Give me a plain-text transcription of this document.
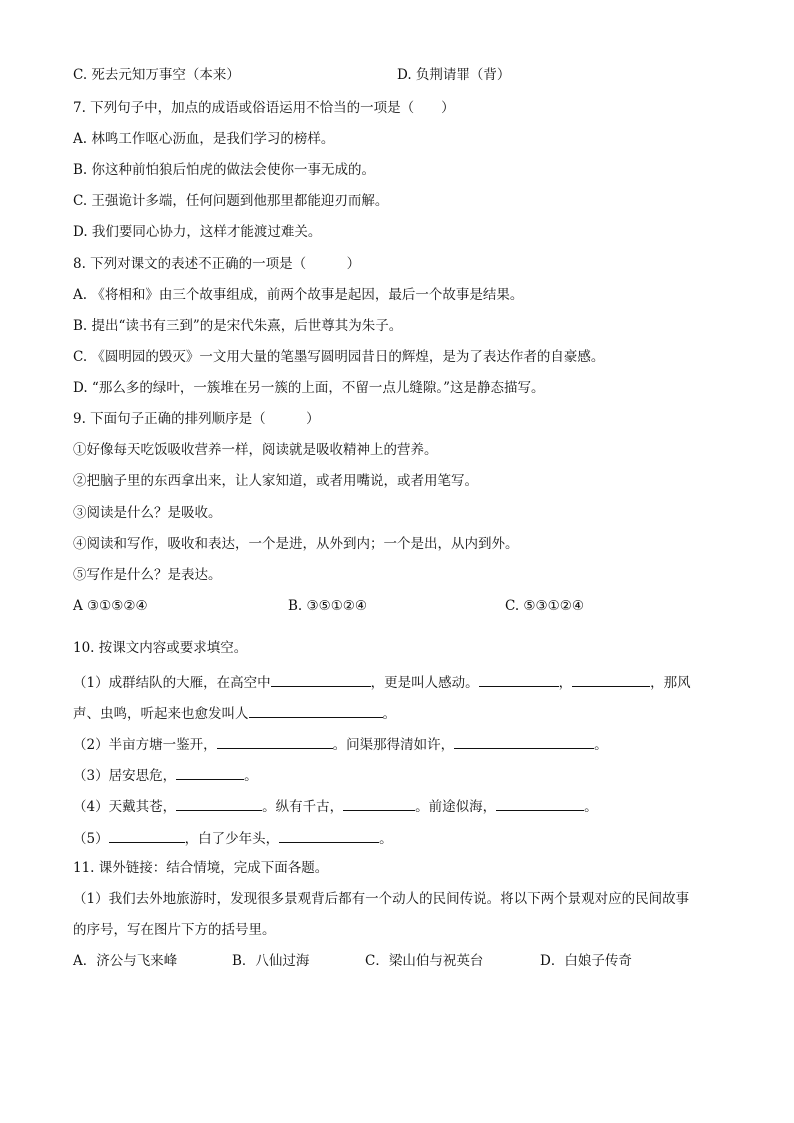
C. 死去元知万事空（本来）	D. 负荆请罪（背）
7. 下列句子中，加点的成语或俗语运用不恰当的一项是（　　）
A. 林鸣工作呕心沥血，是我们学习的榜样。
B. 你这种前怕狼后怕虎的做法会使你一事无成的。
C. 王强诡计多端，任何问题到他那里都能迎刃而解。
D. 我们要同心协力，这样才能渡过难关。
8. 下列对课文的表述不正确的一项是（　　　）
A. 《将相和》由三个故事组成，前两个故事是起因，最后一个故事是结果。
B. 提出“读书有三到”的是宋代朱熹，后世尊其为朱子。
C. 《圆明园的毁灭》一文用大量的笔墨写圆明园昔日的辉煌，是为了表达作者的自豪感。
D. “那么多的绿叶，一簇堆在另一簇的上面，不留一点儿缝隙。”这是静态描写。
9. 下面句子正确的排列顺序是（　　　）
①好像每天吃饭吸收营养一样，阅读就是吸收精神上的营养。
②把脑子里的东西拿出来，让人家知道，或者用嘴说，或者用笔写。
③阅读是什么？是吸收。
④阅读和写作，吸收和表达，一个是进，从外到内；一个是出，从内到外。
⑤写作是什么？是表达。
A ③①⑤②④	B. ③⑤①②④	C. ⑤③①②④
10. 按课文内容或要求填空。
（1）成群结队的大雁，在高空中	，更是叫人感动。	，	，那风
声、虫鸣，听起来也愈发叫人	。
（2）半亩方塘一鉴开，	。问渠那得清如许，	。
（3）居安思危，	。
（4）天戴其苍，	。纵有千古，	。前途似海，	。
（5）	，白了少年头，	。
11. 课外链接：结合情境，完成下面各题。
（1）我们去外地旅游时，发现很多景观背后都有一个动人的民间传说。将以下两个景观对应的民间故事
的序号，写在图片下方的括号里。
A．济公与飞来峰	B．八仙过海	C．梁山伯与祝英台	D．白娘子传奇
